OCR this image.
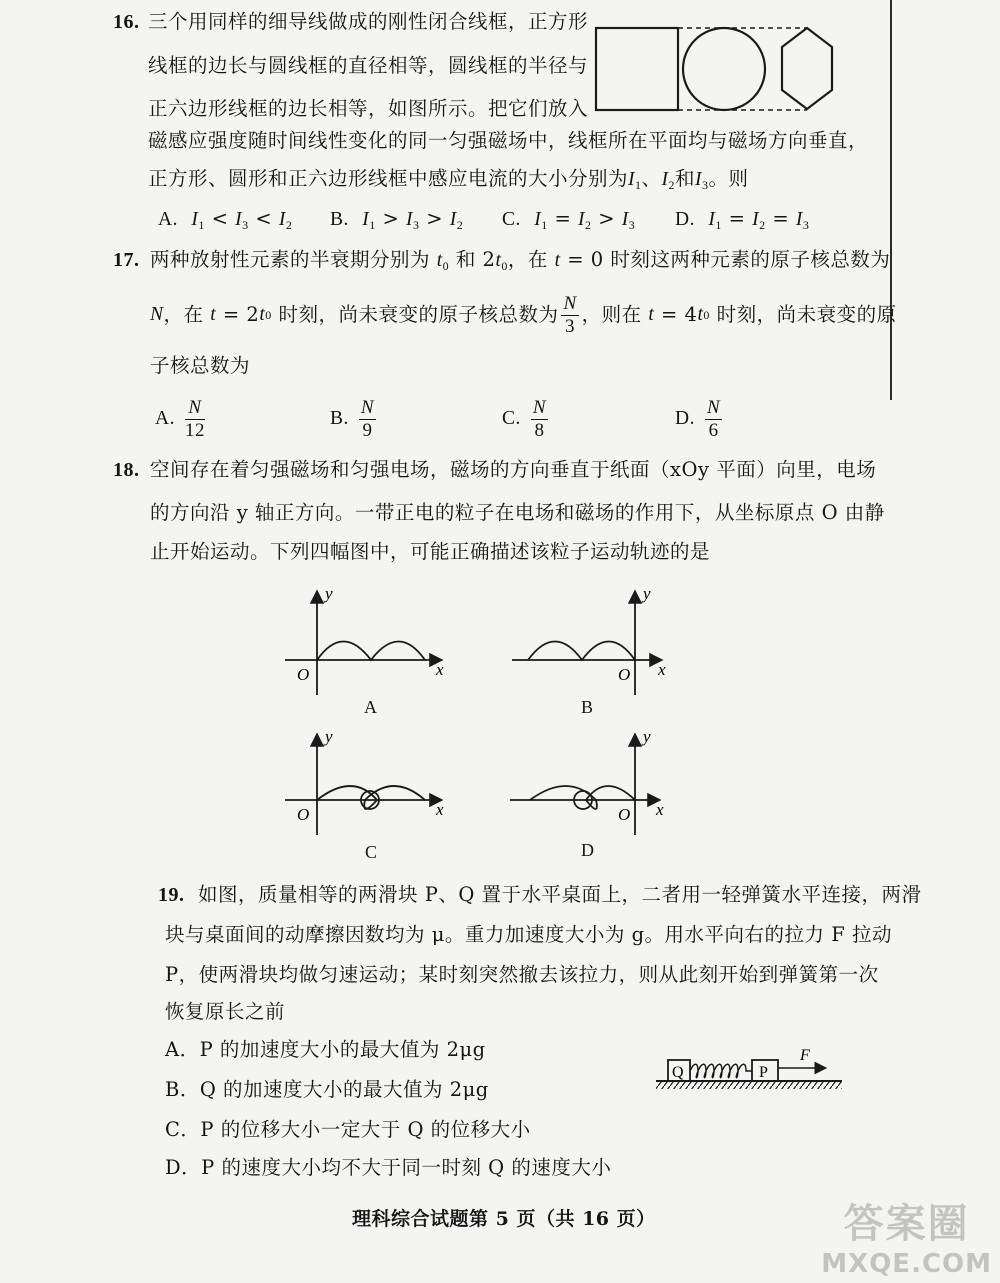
16. 三个用同样的细导线做成的刚性闭合线框，正方形
线框的边长与圆线框的直径相等，圆线框的半径与
正六边形线框的边长相等，如图所示。把它们放入
磁感应强度随时间线性变化的同一匀强磁场中，线框所在平面均与磁场方向垂直，
正方形、圆形和正六边形线框中感应电流的大小分别为$I_1$、$I_2$和$I_3$。则
A. $I_1 < I_3 < I_2$ B. $I_1 > I_3 > I_2$ C. $I_1 = I_2 > I_3$ D. $I_1 = I_2 = I_3$
17. 两种放射性元素的半衰期分别为 $t_0$ 和 $2t_0$，在 t = 0 时刻这两种元素的原子核总数为
N ，在
t = 2 t 0
时刻，尚未衰变的原子核总数为 $\frac{N}{3}$ ，则在
t = 4 t 0
时刻，尚未衰变的原
子核总数为
A. $\frac{N}{12}$	B. $\frac{N}{9}$	C. $\frac{N}{8}$	D. $\frac{N}{6}$
18. 空间存在着匀强磁场和匀强电场，磁场的方向垂直于纸面（xOy 平面）向里，电场
的方向沿 y 轴正方向。一带正电的粒子在电场和磁场的作用下，从坐标原点 O 由静
止开始运动。下列四幅图中，可能正确描述该粒子运动轨迹的是
x
y
O
A
x
y
O
B
x
y
O
C
x
y
O
D
19. 如图，质量相等的两滑块 P、Q 置于水平桌面上，二者用一轻弹簧水平连接，两滑
块与桌面间的动摩擦因数均为 μ。重力加速度大小为 g。用水平向右的拉力 F 拉动
P，使两滑块均做匀速运动；某时刻突然撤去该拉力，则从此刻开始到弹簧第一次
恢复原长之前
A．P 的加速度大小的最大值为 2μg
B．Q 的加速度大小的最大值为 2μg
C．P 的位移大小一定大于 Q 的位移大小
D．P 的速度大小均不大于同一时刻 Q 的速度大小
Q	P
F
理科综合试题第 5 页（共 16 页）	答案圈
MXQE.COM
